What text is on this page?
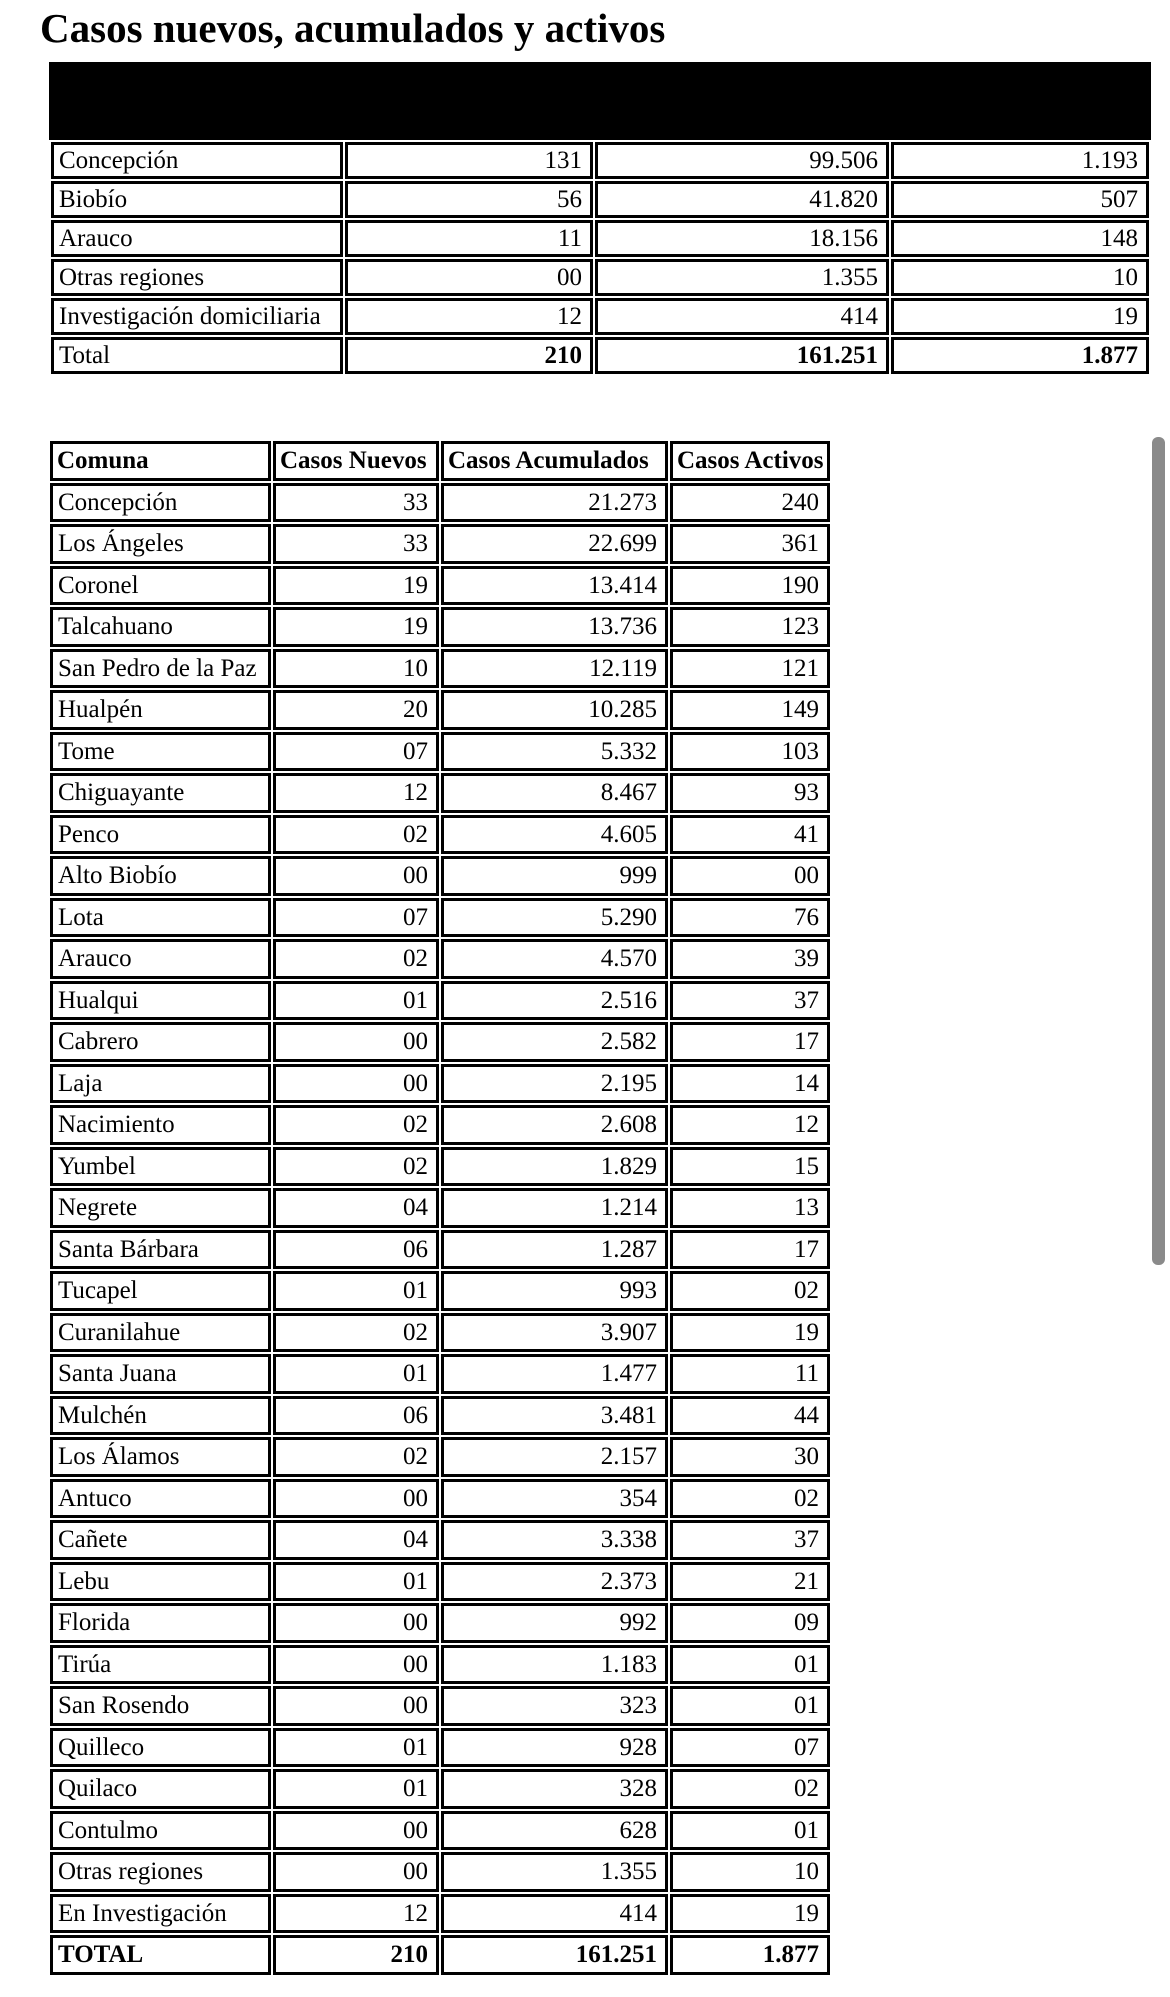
Casos nuevos, acumulados y activos
Concepción	131	99.506	1.193
Biobío	56	41.820	507
Arauco	11	18.156	148
Otras regiones	00	1.355	10
Investigación domiciliaria	12	414	19
Total	210	161.251	1.877
Comuna	Casos Nuevos	Casos Acumulados	Casos Activos
Concepción	33	21.273	240
Los Ángeles	33	22.699	361
Coronel	19	13.414	190
Talcahuano	19	13.736	123
San Pedro de la Paz	10	12.119	121
Hualpén	20	10.285	149
Tome	07	5.332	103
Chiguayante	12	8.467	93
Penco	02	4.605	41
Alto Biobío	00	999	00
Lota	07	5.290	76
Arauco	02	4.570	39
Hualqui	01	2.516	37
Cabrero	00	2.582	17
Laja	00	2.195	14
Nacimiento	02	2.608	12
Yumbel	02	1.829	15
Negrete	04	1.214	13
Santa Bárbara	06	1.287	17
Tucapel	01	993	02
Curanilahue	02	3.907	19
Santa Juana	01	1.477	11
Mulchén	06	3.481	44
Los Álamos	02	2.157	30
Antuco	00	354	02
Cañete	04	3.338	37
Lebu	01	2.373	21
Florida	00	992	09
Tirúa	00	1.183	01
San Rosendo	00	323	01
Quilleco	01	928	07
Quilaco	01	328	02
Contulmo	00	628	01
Otras regiones	00	1.355	10
En Investigación	12	414	19
TOTAL	210	161.251	1.877
